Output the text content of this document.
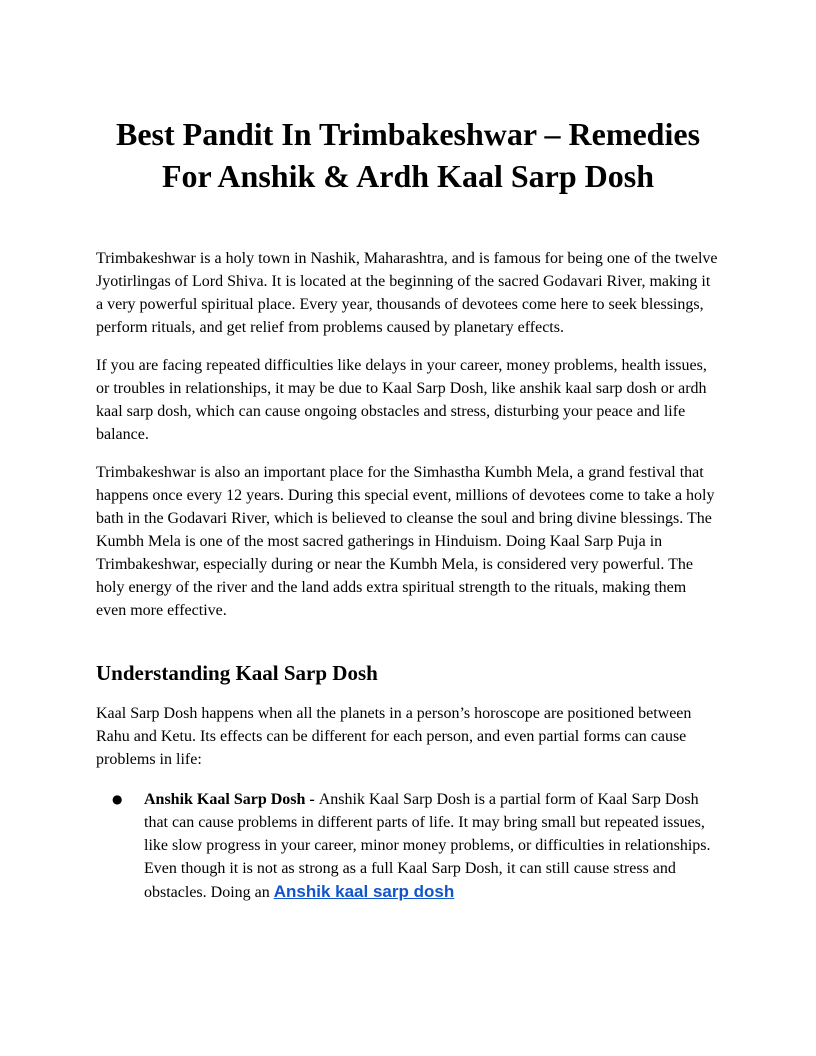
Best Pandit In Trimbakeshwar – Remedies
For Anshik & Ardh Kaal Sarp Dosh

Trimbakeshwar is a holy town in Nashik, Maharashtra, and is famous for being one of the twelve Jyotirlingas of Lord Shiva. It is located at the beginning of the sacred Godavari River, making it a very powerful spiritual place. Every year, thousands of devotees come here to seek blessings, perform rituals, and get relief from problems caused by planetary effects.

If you are facing repeated difficulties like delays in your career, money problems, health issues, or troubles in relationships, it may be due to Kaal Sarp Dosh, like anshik kaal sarp dosh or ardh kaal sarp dosh, which can cause ongoing obstacles and stress, disturbing your peace and life balance.

Trimbakeshwar is also an important place for the Simhastha Kumbh Mela, a grand festival that happens once every 12 years. During this special event, millions of devotees come to take a holy bath in the Godavari River, which is believed to cleanse the soul and bring divine blessings. The Kumbh Mela is one of the most sacred gatherings in Hinduism. Doing Kaal Sarp Puja in Trimbakeshwar, especially during or near the Kumbh Mela, is considered very powerful. The holy energy of the river and the land adds extra spiritual strength to the rituals, making them even more effective.

Understanding Kaal Sarp Dosh

Kaal Sarp Dosh happens when all the planets in a person’s horoscope are positioned between Rahu and Ketu. Its effects can be different for each person, and even partial forms can cause problems in life:

● Anshik Kaal Sarp Dosh - Anshik Kaal Sarp Dosh is a partial form of Kaal Sarp Dosh that can cause problems in different parts of life. It may bring small but repeated issues, like slow progress in your career, minor money problems, or difficulties in relationships. Even though it is not as strong as a full Kaal Sarp Dosh, it can still cause stress and obstacles. Doing an Anshik kaal sarp dosh
